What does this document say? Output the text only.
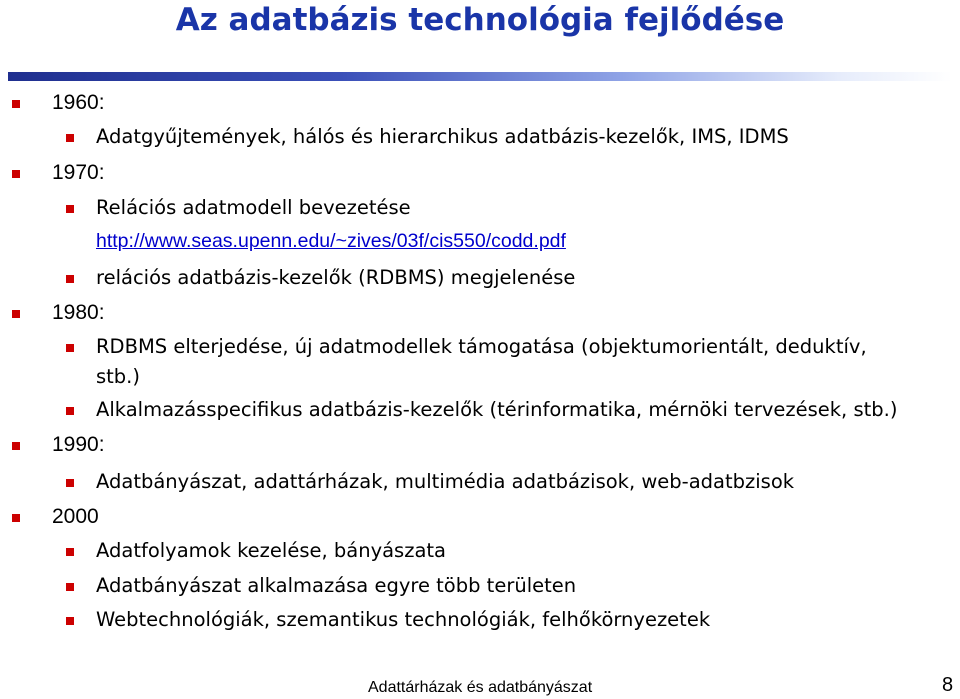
Az adatbázis technológia fejlődése
1960:
Adatgyűjtemények, hálós és hierarchikus adatbázis-kezelők, IMS, IDMS
1970:
Relációs adatmodell bevezetése
http://www.seas.upenn.edu/~zives/03f/cis550/codd.pdf
relációs adatbázis-kezelők (RDBMS) megjelenése
1980:
RDBMS elterjedése, új adatmodellek támogatása (objektumorientált, deduktív,
stb.)
Alkalmazásspecifikus adatbázis-kezelők (térinformatika, mérnöki tervezések, stb.)
1990:
Adatbányászat, adattárházak, multimédia adatbázisok, web-adatbzisok
2000
Adatfolyamok kezelése, bányászata
Adatbányászat alkalmazása egyre több területen
Webtechnológiák, szemantikus technológiák, felhőkörnyezetek
Adattárházak és adatbányászat	8
